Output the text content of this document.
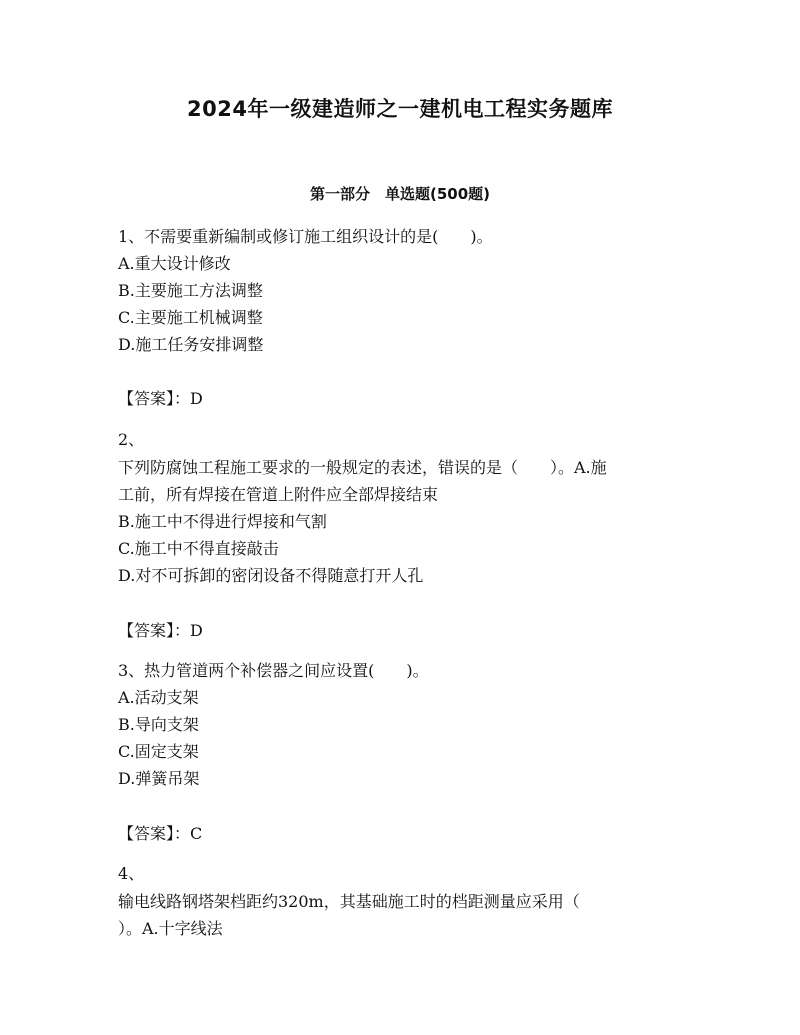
2024年一级建造师之一建机电工程实务题库
第一部分　单选题(500题)
1、不需要重新编制或修订施工组织设计的是(　　)。
A.重大设计修改
B.主要施工方法调整
C.主要施工机械调整
D.施工任务安排调整
【答案】：D
2、
下列防腐蚀工程施工要求的一般规定的表述，错误的是（　　）。A.施
工前，所有焊接在管道上附件应全部焊接结束
B.施工中不得进行焊接和气割
C.施工中不得直接敲击
D.对不可拆卸的密闭设备不得随意打开人孔
【答案】：D
3、热力管道两个补偿器之间应设置(　　)。
A.活动支架
B.导向支架
C.固定支架
D.弹簧吊架
【答案】：C
4、
输电线路钢塔架档距约320m，其基础施工时的档距测量应采用（
）。A.十字线法
